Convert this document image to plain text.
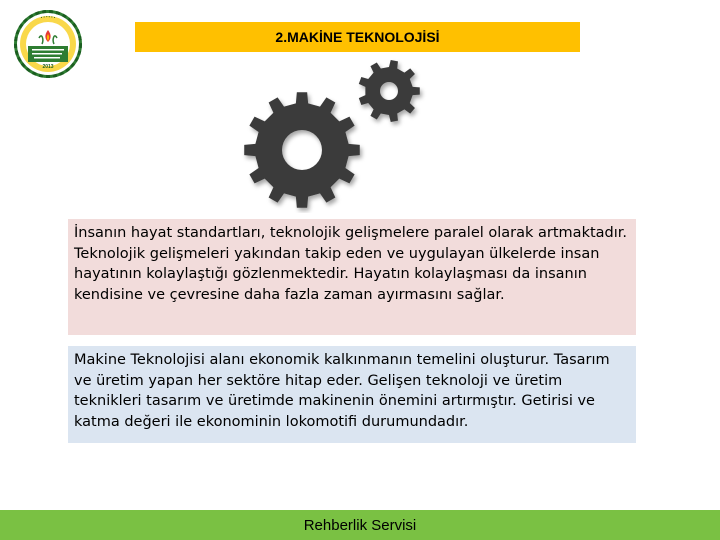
2013
• • • • • •
2.MAKİNE TEKNOLOJİSİ
İnsanın hayat standartları, teknolojik gelişmelere paralel olarak artmaktadır. Teknolojik gelişmeleri yakından takip eden ve uygulayan ülkelerde insan hayatının kolaylaştığı gözlenmektedir. Hayatın kolaylaşması da insanın kendisine ve çevresine daha fazla zaman ayırmasını sağlar.
Makine Teknolojisi alanı ekonomik kalkınmanın temelini oluşturur. Tasarım ve üretim yapan her sektöre hitap eder. Gelişen teknoloji ve üretim teknikleri tasarım ve üretimde makinenin önemini artırmıştır. Getirisi ve katma değeri ile ekonominin lokomotifi durumundadır.
Rehberlik Servisi
